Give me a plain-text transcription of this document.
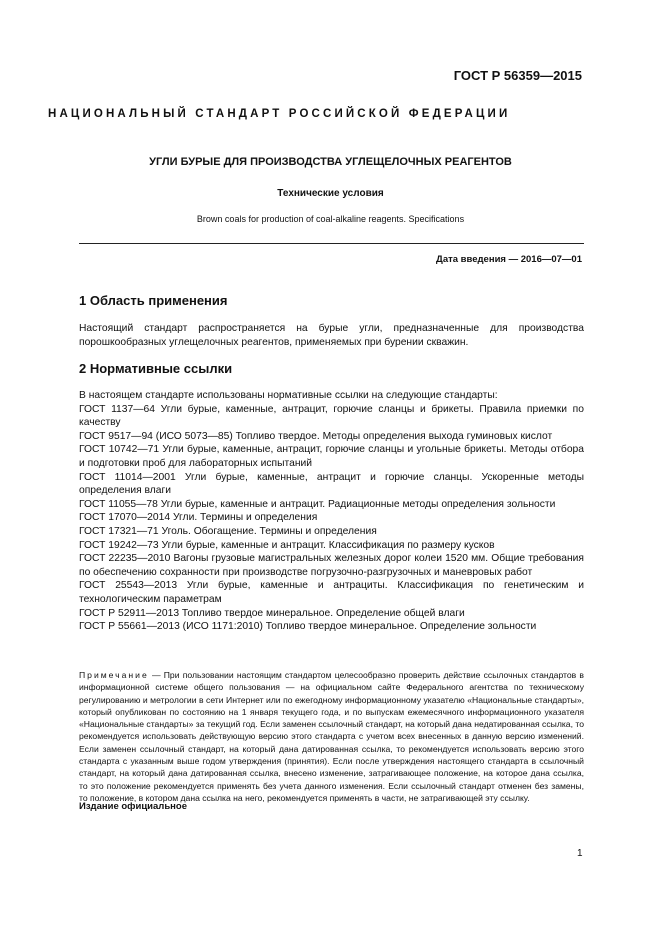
ГОСТ Р 56359—2015
НАЦИОНАЛЬНЫЙ СТАНДАРТ РОССИЙСКОЙ ФЕДЕРАЦИИ
УГЛИ БУРЫЕ ДЛЯ ПРОИЗВОДСТВА УГЛЕЩЕЛОЧНЫХ РЕАГЕНТОВ
Технические условия
Brown coals for production of coal-alkaline reagents. Specifications
Дата введения — 2016—07—01
1 Область применения

Настоящий стандарт распространяется на бурые угли, предназначенные для производства порошкообразных углещелочных реагентов, применяемых при бурении скважин.

2 Нормативные ссылки

В настоящем стандарте использованы нормативные ссылки на следующие стандарты:

ГОСТ 1137—64 Угли бурые, каменные, антрацит, горючие сланцы и брикеты. Правила приемки по качеству

ГОСТ 9517—94 (ИСО 5073—85) Топливо твердое. Методы определения выхода гуминовых кислот

ГОСТ 10742—71 Угли бурые, каменные, антрацит, горючие сланцы и угольные брикеты. Методы отбора и подготовки проб для лабораторных испытаний

ГОСТ 11014—2001 Угли бурые, каменные, антрацит и горючие сланцы. Ускоренные методы определения влаги

ГОСТ 11055—78 Угли бурые, каменные и антрацит. Радиационные методы определения зольности

ГОСТ 17070—2014 Угли. Термины и определения

ГОСТ 17321—71 Уголь. Обогащение. Термины и определения

ГОСТ 19242—73 Угли бурые, каменные и антрацит. Классификация по размеру кусков

ГОСТ 22235—2010 Вагоны грузовые магистральных железных дорог колеи 1520 мм. Общие требования по обеспечению сохранности при производстве погрузочно-разгрузочных и маневровых работ

ГОСТ 25543—2013 Угли бурые, каменные и антрациты. Классификация по генетическим и технологическим параметрам

ГОСТ Р 52911—2013 Топливо твердое минеральное. Определение общей влаги

ГОСТ Р 55661—2013 (ИСО 1171:2010) Топливо твердое минеральное. Определение зольности

Примечание — При пользовании настоящим стандартом целесообразно проверить действие ссылочных стандартов в информационной системе общего пользования — на официальном сайте Федерального агентства по техническому регулированию и метрологии в сети Интернет или по ежегодному информационному указателю «Национальные стандарты», который опубликован по состоянию на 1 января текущего года, и по выпускам ежемесячного информационного указателя «Национальные стандарты» за текущий год. Если заменен ссылочный стандарт, на который дана недатированная ссылка, то рекомендуется использовать действующую версию этого стандарта с учетом всех внесенных в данную версию изменений. Если заменен ссылочный стандарт, на который дана датированная ссылка, то рекомендуется использовать версию этого стандарта с указанным выше годом утверждения (принятия). Если после утверждения настоящего стандарта в ссылочный стандарт, на который дана датированная ссылка, внесено изменение, затрагивающее положение, на которое дана ссылка, то это положение рекомендуется применять без учета данного изменения. Если ссылочный стандарт отменен без замены, то положение, в котором дана ссылка на него, рекомендуется применять в части, не затрагивающей эту ссылку.

Издание официальное
1
